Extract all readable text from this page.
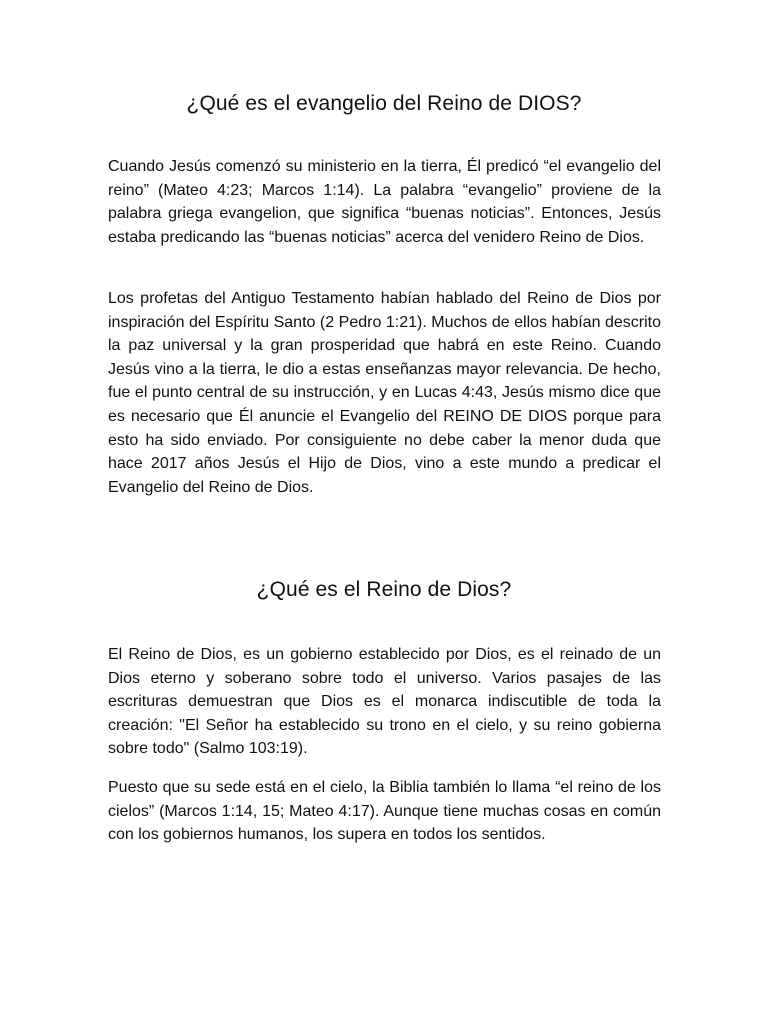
¿Qué es el evangelio del Reino de DIOS?

Cuando Jesús comenzó su ministerio en la tierra, Él predicó “el evangelio del reino” (Mateo 4:23; Marcos 1:14). La palabra “evangelio” proviene de la palabra griega evangelion, que significa “buenas noticias”. Entonces, Jesús estaba predicando las “buenas noticias” acerca del venidero Reino de Dios.

Los profetas del Antiguo Testamento habían hablado del Reino de Dios por inspiración del Espíritu Santo (2 Pedro 1:21). Muchos de ellos habían descrito la paz universal y la gran prosperidad que habrá en este Reino. Cuando Jesús vino a la tierra, le dio a estas enseñanzas mayor relevancia. De hecho, fue el punto central de su instrucción, y en Lucas 4:43, Jesús mismo dice que es necesario que Él anuncie el Evangelio del REINO DE DIOS porque para esto ha sido enviado. Por consiguiente no debe caber la menor duda que hace 2017 años Jesús el Hijo de Dios, vino a este mundo a predicar el Evangelio del Reino de Dios.

¿Qué es el Reino de Dios?

El Reino de Dios, es un gobierno establecido por Dios, es el reinado de un Dios eterno y soberano sobre todo el universo. Varios pasajes de las escrituras demuestran que Dios es el monarca indiscutible de toda la creación: "El Señor ha establecido su trono en el cielo, y su reino gobierna sobre todo" (Salmo 103:19).

Puesto que su sede está en el cielo, la Biblia también lo llama “el reino de los cielos” (Marcos 1:14, 15; Mateo 4:17). Aunque tiene muchas cosas en común con los gobiernos humanos, los supera en todos los sentidos.
